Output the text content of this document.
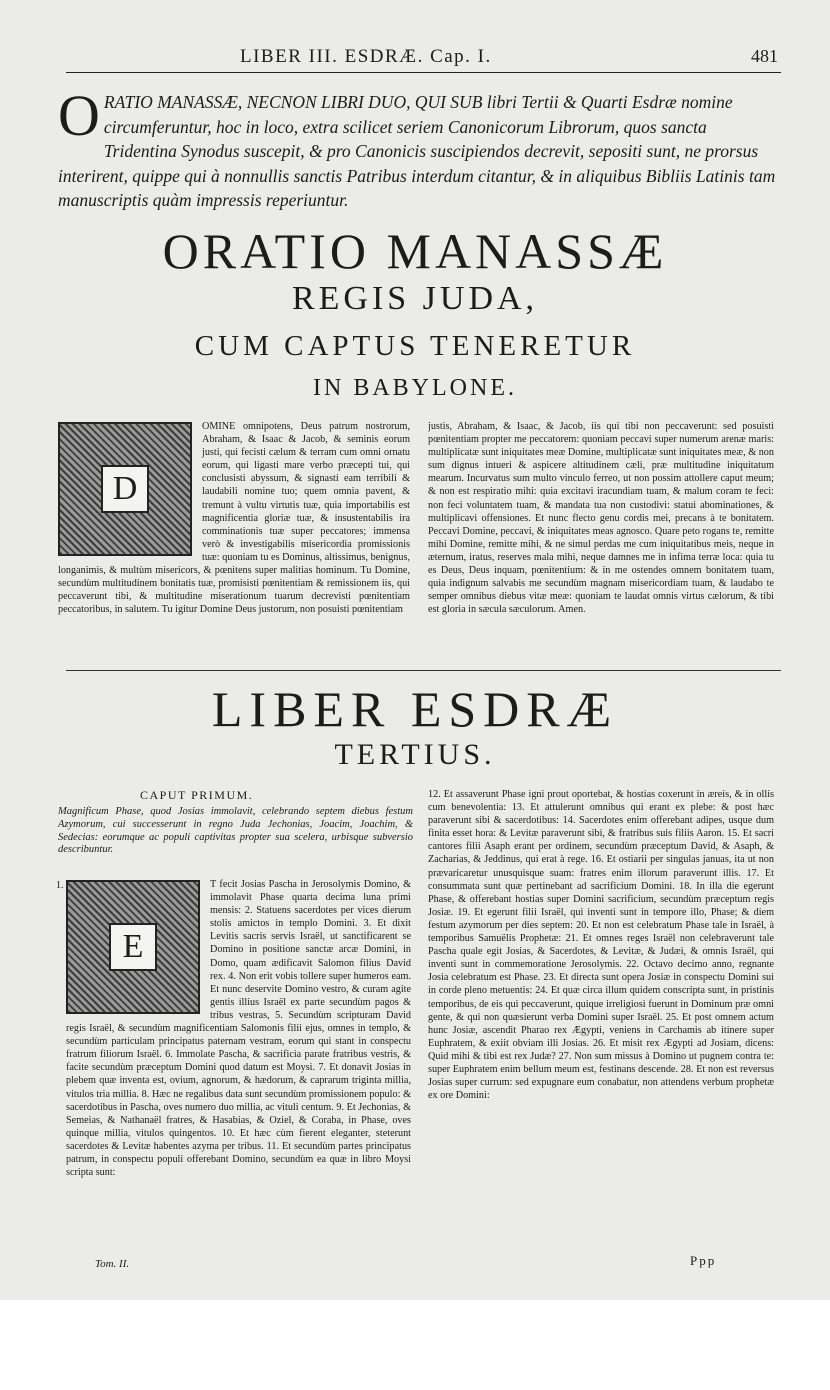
LIBER III. ESDRÆ. Cap. I.	481
O RATIO MANASSÆ, NECNON LIBRI DUO, QUI SUB libri Tertii & Quarti Esdræ nomine circumferuntur, hoc in loco, extra scilicet seriem Canonicorum Librorum, quos sancta Tridentina Synodus suscepit, & pro Canonicis suscipiendos decrevit, sepositi sunt, ne prorsus interirent, quippe qui à nonnullis sanctis Patribus interdum citantur, & in aliquibus Bibliis Latinis tam manuscriptis quàm impressis reperiuntur.
ORATIO MANASSÆ
REGIS JUDA,
CUM CAPTUS TENERETUR
IN BABYLONE.
D

OMINE omnipotens, Deus patrum nostrorum, Abraham, & Isaac & Jacob, & seminis eorum justi, qui fecisti cælum & terram cum omni ornatu eorum, qui ligasti mare verbo præcepti tui, qui conclusisti abyssum, & signasti eam terribili & laudabili nomine tuo; quem omnia pavent, & tremunt à vultu virtutis tuæ, quia importabilis est magnificentia gloriæ tuæ, & insustentabilis ira comminationis tuæ super peccatores; immensa verò & investigabilis misericordia promissionis tuæ: quoniam tu es Dominus, altissimus, benignus, longanimis, & multùm misericors, & pœnitens super malitias hominum. Tu Domine, secundùm multitudinem bonitatis tuæ, promisisti pœnitentiam & remissionem iis, qui peccaverunt tibi, & multitudine miserationum tuarum decrevisti pœnitentiam peccatoribus, in salutem. Tu igitur Domine Deus justorum, non posuisti pœnitentiam

justis, Abraham, & Isaac, & Jacob, iis qui tibi non peccaverunt: sed posuisti pœnitentiam propter me peccatorem: quoniam peccavi super numerum arenæ maris: multiplicatæ sunt iniquitates meæ Domine, multiplicatæ sunt iniquitates meæ, & non sum dignus intueri & aspicere altitudinem cæli, præ multitudine iniquitatum mearum. Incurvatus sum multo vinculo ferreo, ut non possim attollere caput meum; & non est respiratio mihi: quia excitavi iracundiam tuam, & malum coram te feci: non feci voluntatem tuam, & mandata tua non custodivi: statui abominationes, & multiplicavi offensiones. Et nunc flecto genu cordis mei, precans à te bonitatem. Peccavi Domine, peccavi, & iniquitates meas agnosco. Quare peto rogans te, remitte mihi Domine, remitte mihi, & ne simul perdas me cum iniquitatibus meis, neque in æternum, iratus, reserves mala mihi, neque damnes me in infima terræ loca: quia tu es Deus, Deus inquam, pœnitentium: & in me ostendes omnem bonitatem tuam, quia indignum salvabis me secundùm magnam misericordiam tuam, & laudabo te semper omnibus diebus vitæ meæ: quoniam te laudat omnis virtus cælorum, & tibi est gloria in sæcula sæculorum. Amen.

LIBER ESDRÆ
TERTIUS.
CAPUT PRIMUM.
Magnificum Phase, quod Josias immolavit, celebrando septem diebus festum Azymorum, cui successerunt in regno Juda Jechonias, Joacim, Joachim, & Sedecias: eorumque ac populi captivitas propter sua scelera, urbisque subversio describuntur.
1.
E

T fecit Josias Pascha in Jerosolymis Domino, & immolavit Phase quarta decima luna primi mensis: 2. Statuens sacerdotes per vices dierum stolis amictos in templo Domini. 3. Et dixit Levitis sacris servis Israël, ut sanctificarent se Domino in positione sanctæ arcæ Domini, in Domo, quam ædificavit Salomon filius David rex. 4. Non erit vobis tollere super humeros eam. Et nunc deservite Domino vestro, & curam agite gentis illius Israël ex parte secundùm pagos & tribus vestras, 5. Secundùm scripturam David regis Israël, & secundùm magnificentiam Salomonis filii ejus, omnes in templo, & secundùm particulam principatus paternam vestram, eorum qui stant in conspectu fratrum filiorum Israël. 6. Immolate Pascha, & sacrificia parate fratribus vestris, & facite secundùm præceptum Domini quod datum est Moysi. 7. Et donavit Josias in plebem quæ inventa est, ovium, agnorum, & hædorum, & caprarum triginta millia, vitulos tria millia. 8. Hæc ne regalibus data sunt secundùm promissionem populo: & sacerdotibus in Pascha, oves numero duo millia, ac vituli centum. 9. Et Jechonias, & Semeias, & Nathanaël fratres, & Hasabias, & Oziel, & Coraba, in Phase, oves quinque millia, vitulos quingentos. 10. Et hæc cùm fierent eleganter, steterunt sacerdotes & Levitæ habentes azyma per tribus. 11. Et secundùm partes principatus patrum, in conspectu populi offerebant Domino, secundùm ea quæ in libro Moysi scripta sunt:

12. Et assaverunt Phase igni prout oportebat, & hostias coxerunt in æreis, & in ollis cum benevolentia: 13. Et attulerunt omnibus qui erant ex plebe: & post hæc paraverunt sibi & sacerdotibus: 14. Sacerdotes enim offerebant adipes, usque dum finita esset hora: & Levitæ paraverunt sibi, & fratribus suis filiis Aaron. 15. Et sacri cantores filii Asaph erant per ordinem, secundùm præceptum David, & Asaph, & Zacharias, & Jeddinus, qui erat à rege. 16. Et ostiarii per singulas januas, ita ut non prævaricaretur unusquisque suam: fratres enim illorum paraverunt illis. 17. Et consummata sunt quæ pertinebant ad sacrificium Domini. 18. In illa die egerunt Phase, & offerebant hostias super Domini sacrificium, secundùm præceptum regis Josiæ. 19. Et egerunt filii Israël, qui inventi sunt in tempore illo, Phase; & diem festum azymorum per dies septem: 20. Et non est celebratum Phase tale in Israël, à temporibus Samuëlis Prophetæ: 21. Et omnes reges Israël non celebraverunt tale Pascha quale egit Josias, & Sacerdotes, & Levitæ, & Judæi, & omnis Israël, qui inventi sunt in commemoratione Jerosolymis. 22. Octavo decimo anno, regnante Josia celebratum est Phase. 23. Et directa sunt opera Josiæ in conspectu Domini sui in corde pleno metuentis: 24. Et quæ circa illum quidem conscripta sunt, in pristinis temporibus, de eis qui peccaverunt, quique irreligiosi fuerunt in Dominum præ omni gente, & qui non quæsierunt verba Domini super Israël. 25. Et post omnem actum hunc Josiæ, ascendit Pharao rex Ægypti, veniens in Carchamis ab itinere super Euphratem, & exiit obviam illi Josias. 26. Et misit rex Ægypti ad Josiam, dicens: Quid mihi & tibi est rex Judæ? 27. Non sum missus à Domino ut pugnem contra te: super Euphratem enim bellum meum est, festinans descende. 28. Et non est reversus Josias super currum: sed expugnare eum conabatur, non attendens verbum prophetæ ex ore Domini:

Tom. II.	Ppp
